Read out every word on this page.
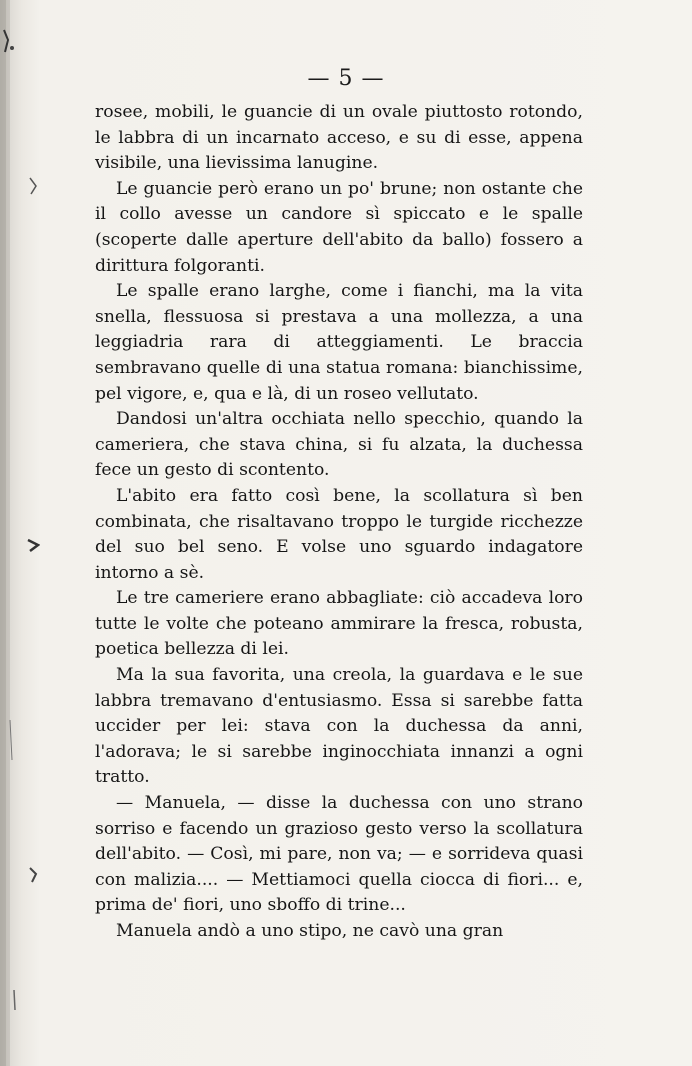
— 5 —

rosee, mobili, le guancie di un ovale piuttosto rotondo, le labbra di un incarnato acceso, e su di esse, appena visibile, una lievissima lanugine.

Le guancie però erano un po' brune; non ostante che il collo avesse un candore sì spiccato e le spalle (scoperte dalle aperture dell'abito da ballo) fossero a dirittura folgoranti.

Le spalle erano larghe, come i fianchi, ma la vita snella, flessuosa si prestava a una mollezza, a una leggiadria rara di atteggiamenti. Le braccia sembravano quelle di una statua romana: bianchissime, pel vigore, e, qua e là, di un roseo vellutato.

Dandosi un'altra occhiata nello specchio, quando la cameriera, che stava china, si fu alzata, la duchessa fece un gesto di scontento.

L'abito era fatto così bene, la scollatura sì ben combinata, che risaltavano troppo le turgide ricchezze del suo bel seno. E volse uno sguardo indagatore intorno a sè.

Le tre cameriere erano abbagliate: ciò accadeva loro tutte le volte che poteano ammirare la fresca, robusta, poetica bellezza di lei.

Ma la sua favorita, una creola, la guardava e le sue labbra tremavano d'entusiasmo. Essa si sarebbe fatta uccider per lei: stava con la duchessa da anni, l'adorava; le si sarebbe inginocchiata innanzi a ogni tratto.

— Manuela, — disse la duchessa con uno strano sorriso e facendo un grazioso gesto verso la scollatura dell'abito. — Così, mi pare, non va; — e sorrideva quasi con malizia.... — Mettiamoci quella ciocca di fiori... e, prima de' fiori, uno sboffo di trine...

Manuela andò a uno stipo, ne cavò una gran
